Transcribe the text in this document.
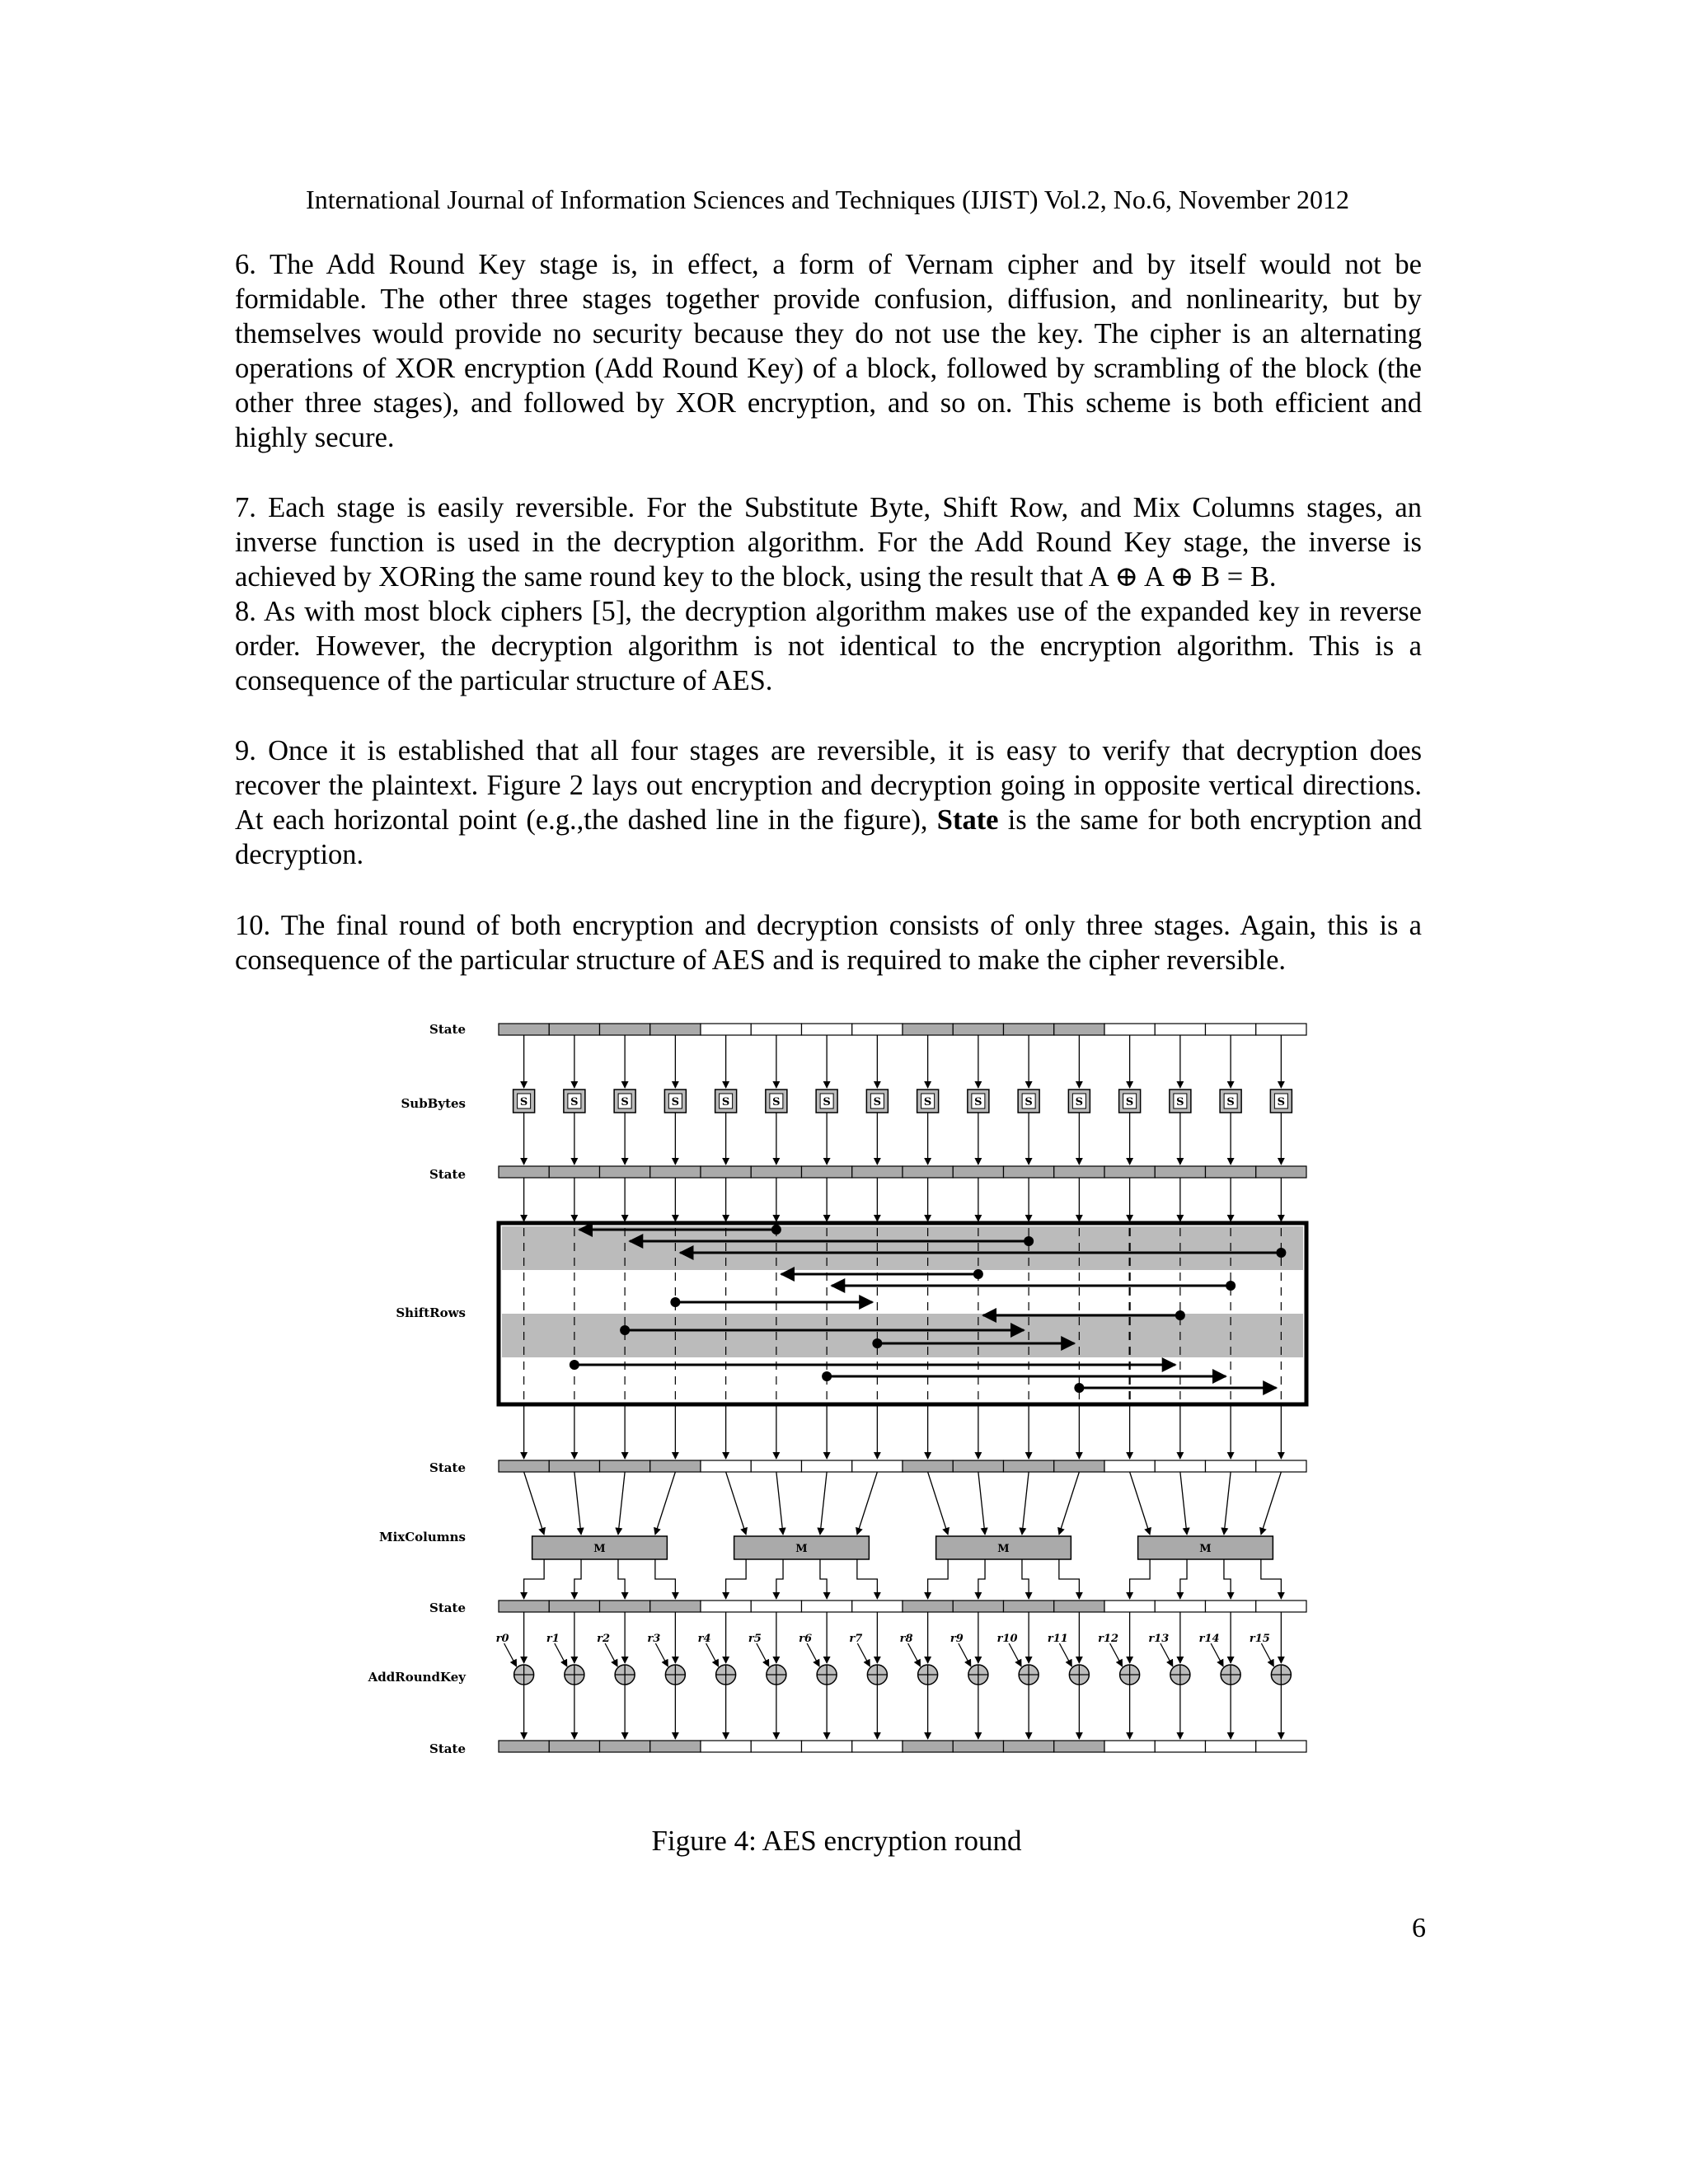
International Journal of Information Sciences and Techniques (IJIST) Vol.2, No.6, November 2012

6. The Add Round Key stage is, in effect, a form of Vernam cipher and by itself would not be formidable. The other three stages together provide confusion, diffusion, and nonlinearity, but by themselves would provide no security because they do not use the key. The cipher is an alternating operations of XOR encryption (Add Round Key) of a block, followed by scrambling of the block (the other three stages), and followed by XOR encryption, and so on. This scheme is both efficient and highly secure.

7. Each stage is easily reversible. For the Substitute Byte, Shift Row, and Mix Columns stages, an inverse function is used in the decryption algorithm. For the Add Round Key stage, the inverse is achieved by XORing the same round key to the block, using the result that A ⊕ A ⊕ B = B.

8. As with most block ciphers [5], the decryption algorithm makes use of the expanded key in reverse order. However, the decryption algorithm is not identical to the encryption algorithm. This is a consequence of the particular structure of AES.

9. Once it is established that all four stages are reversible, it is easy to verify that decryption does recover the plaintext. Figure 2 lays out encryption and decryption going in opposite vertical directions. At each horizontal point (e.g.,the dashed line in the figure), State is the same for both encryption and decryption.

10. The final round of both encryption and decryption consists of only three stages. Again, this is a consequence of the particular structure of AES and is required to make the cipher reversible.

State
SubBytes
State
ShiftRows
State
MixColumns
State
AddRoundKey
State
S	S	S	S	S	S	S	S	S	S	S	S	S	S	S	S
M	M	M	M
r0	r1	r2	r3	r4	r5	r6	r7	r8	r9	r10	r11	r12	r13	r14	r15
Figure 4: AES encryption round
6
